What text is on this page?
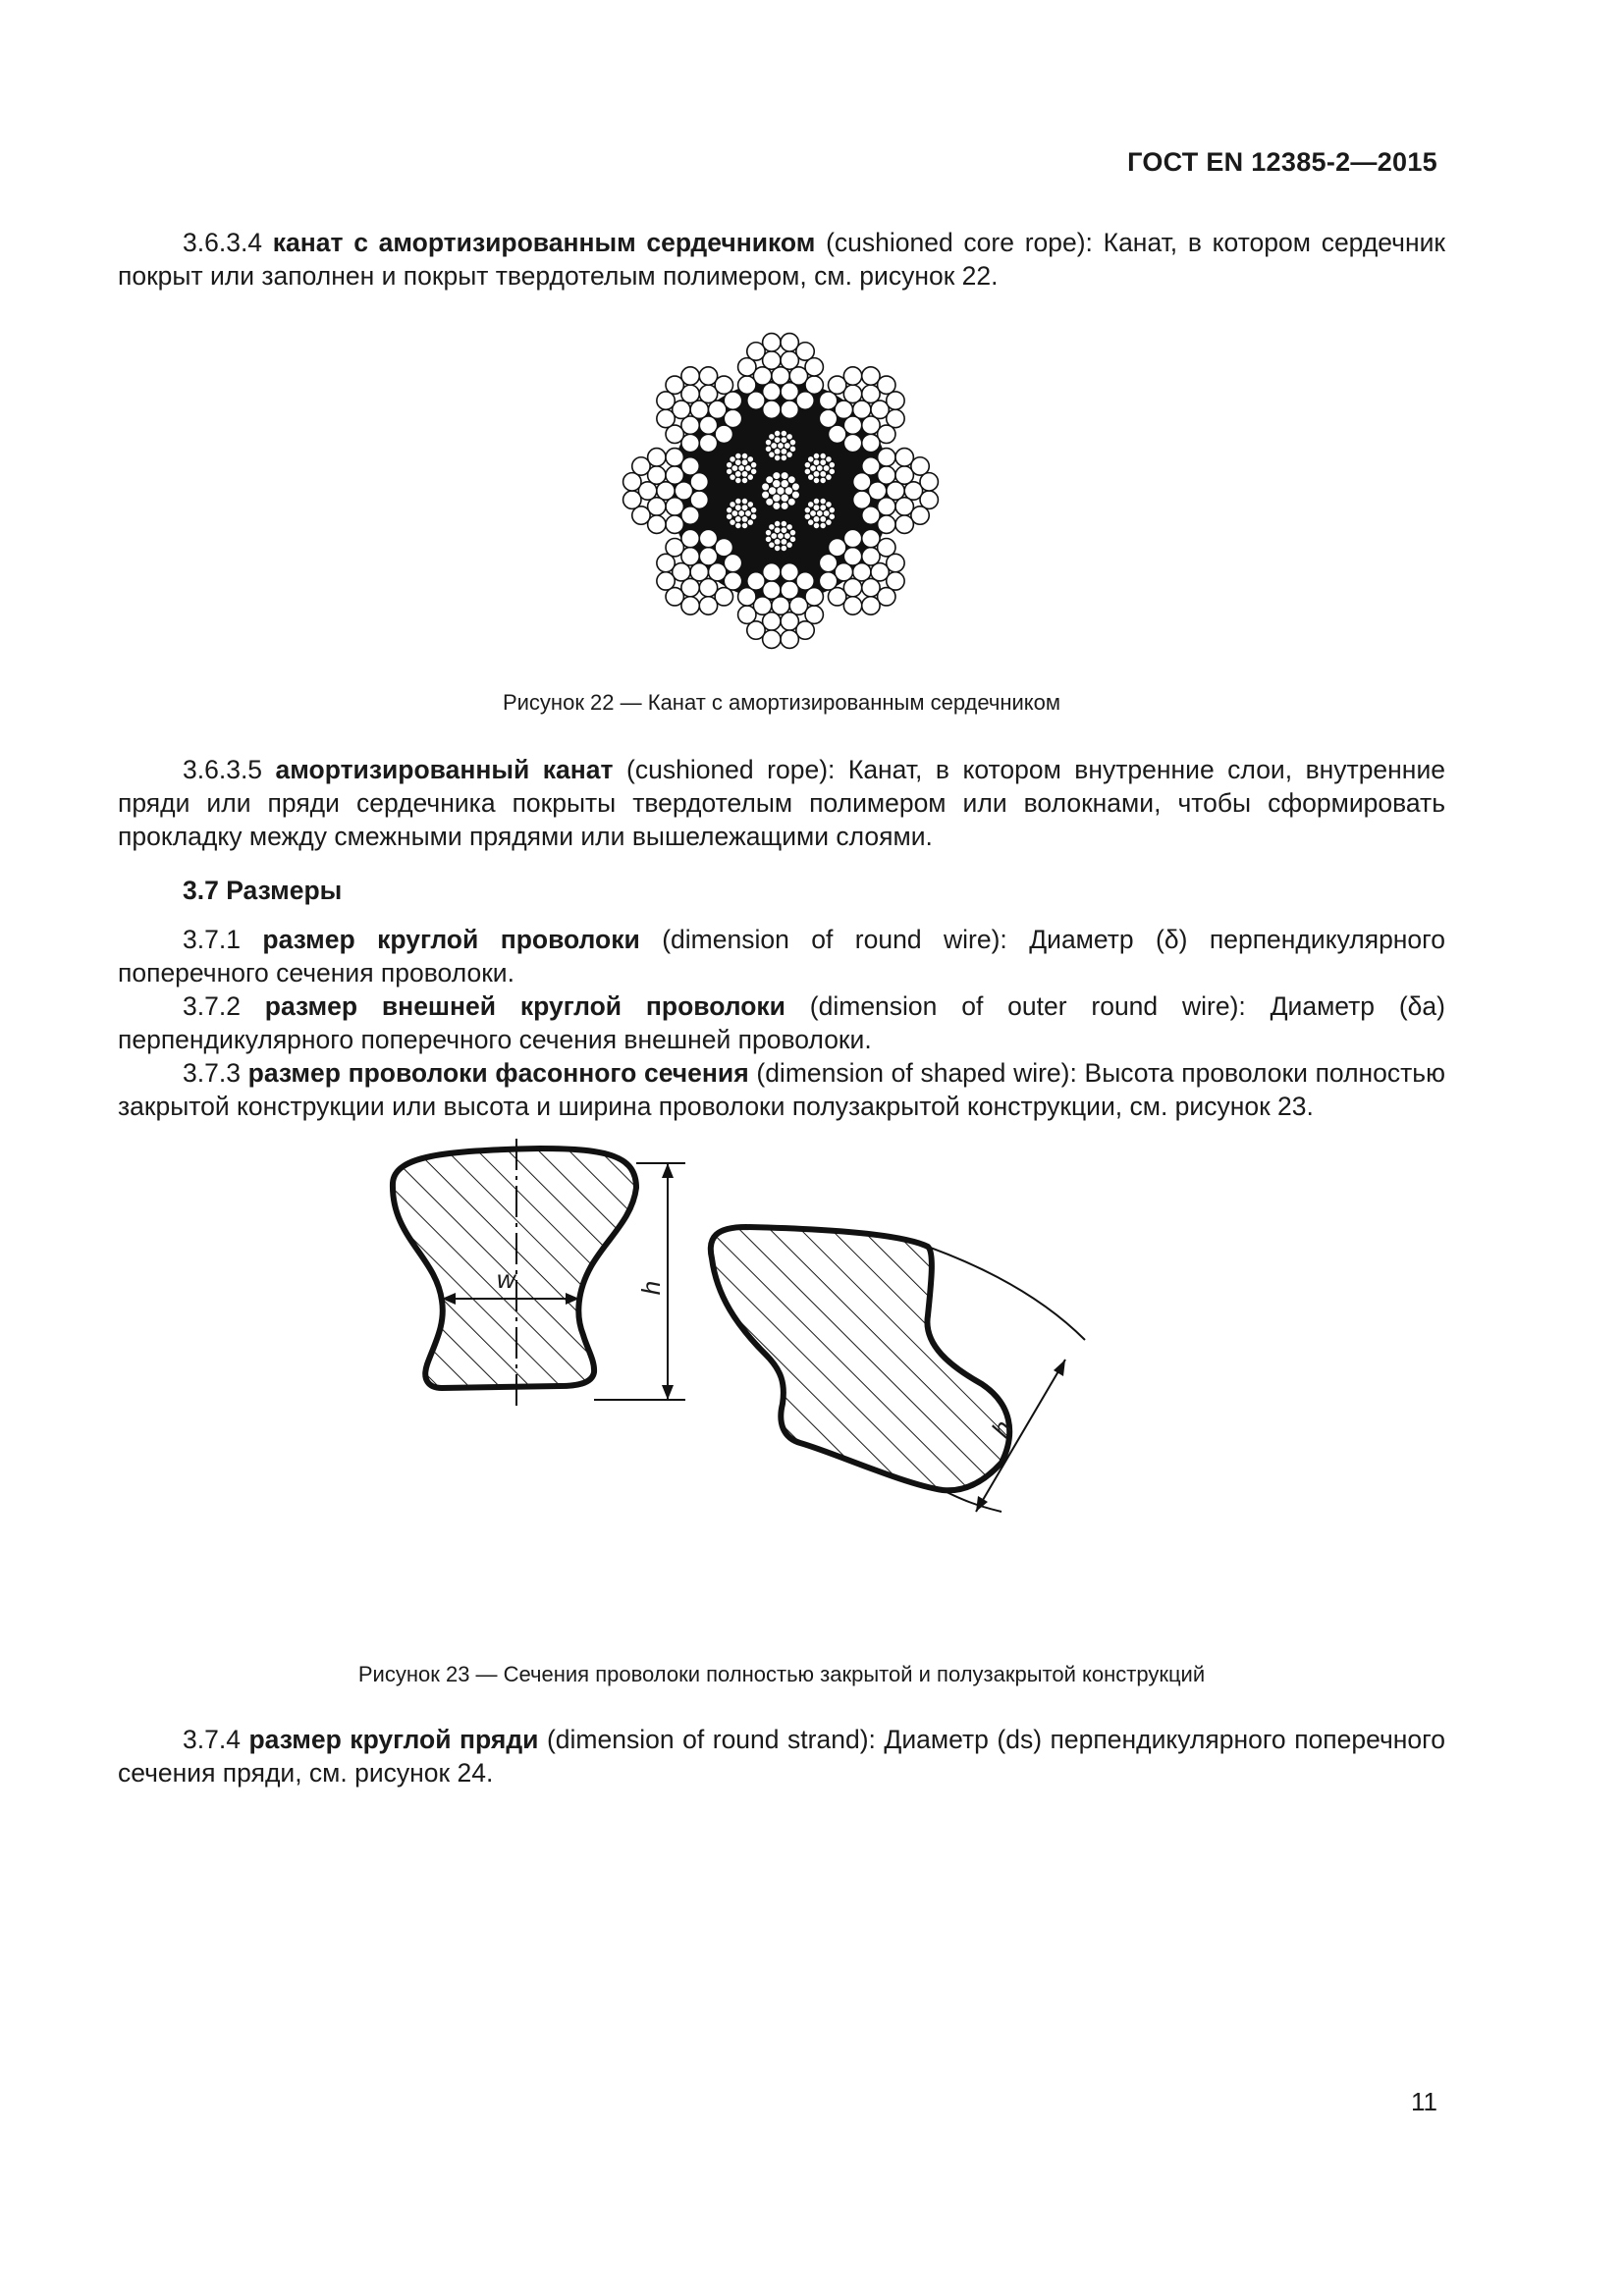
ГОСТ EN 12385-2—2015
3.6.3.4 канат с амортизированным сердечником (cushioned core rope): Канат, в котором сердечник покрыт или заполнен и покрыт твердотелым полимером, см. рисунок 22.
Рисунок 22 — Канат с амортизированным сердечником
3.6.3.5 амортизированный канат (cushioned rope): Канат, в котором внутренние слои, внутренние пряди или пряди сердечника покрыты твердотелым полимером или волокнами, чтобы сформировать прокладку между смежными прядями или вышележащими слоями.
3.7 Размеры
3.7.1 размер круглой проволоки (dimension of round wire): Диаметр (δ) перпендикулярного поперечного сечения проволоки.
3.7.2 размер внешней круглой проволоки (dimension of outer round wire): Диаметр (δа) перпендикулярного поперечного сечения внешней проволоки.
3.7.3 размер проволоки фасонного сечения (dimension of shaped wire): Высота проволоки полностью закрытой конструкции или высота и ширина проволоки полузакрытой конструкции, см. рисунок 23.
w	h
h
Рисунок 23 — Сечения проволоки полностью закрытой и полузакрытой конструкций
3.7.4 размер круглой пряди (dimension of round strand): Диаметр (ds) перпендикулярного поперечного сечения пряди, см. рисунок 24.
11
